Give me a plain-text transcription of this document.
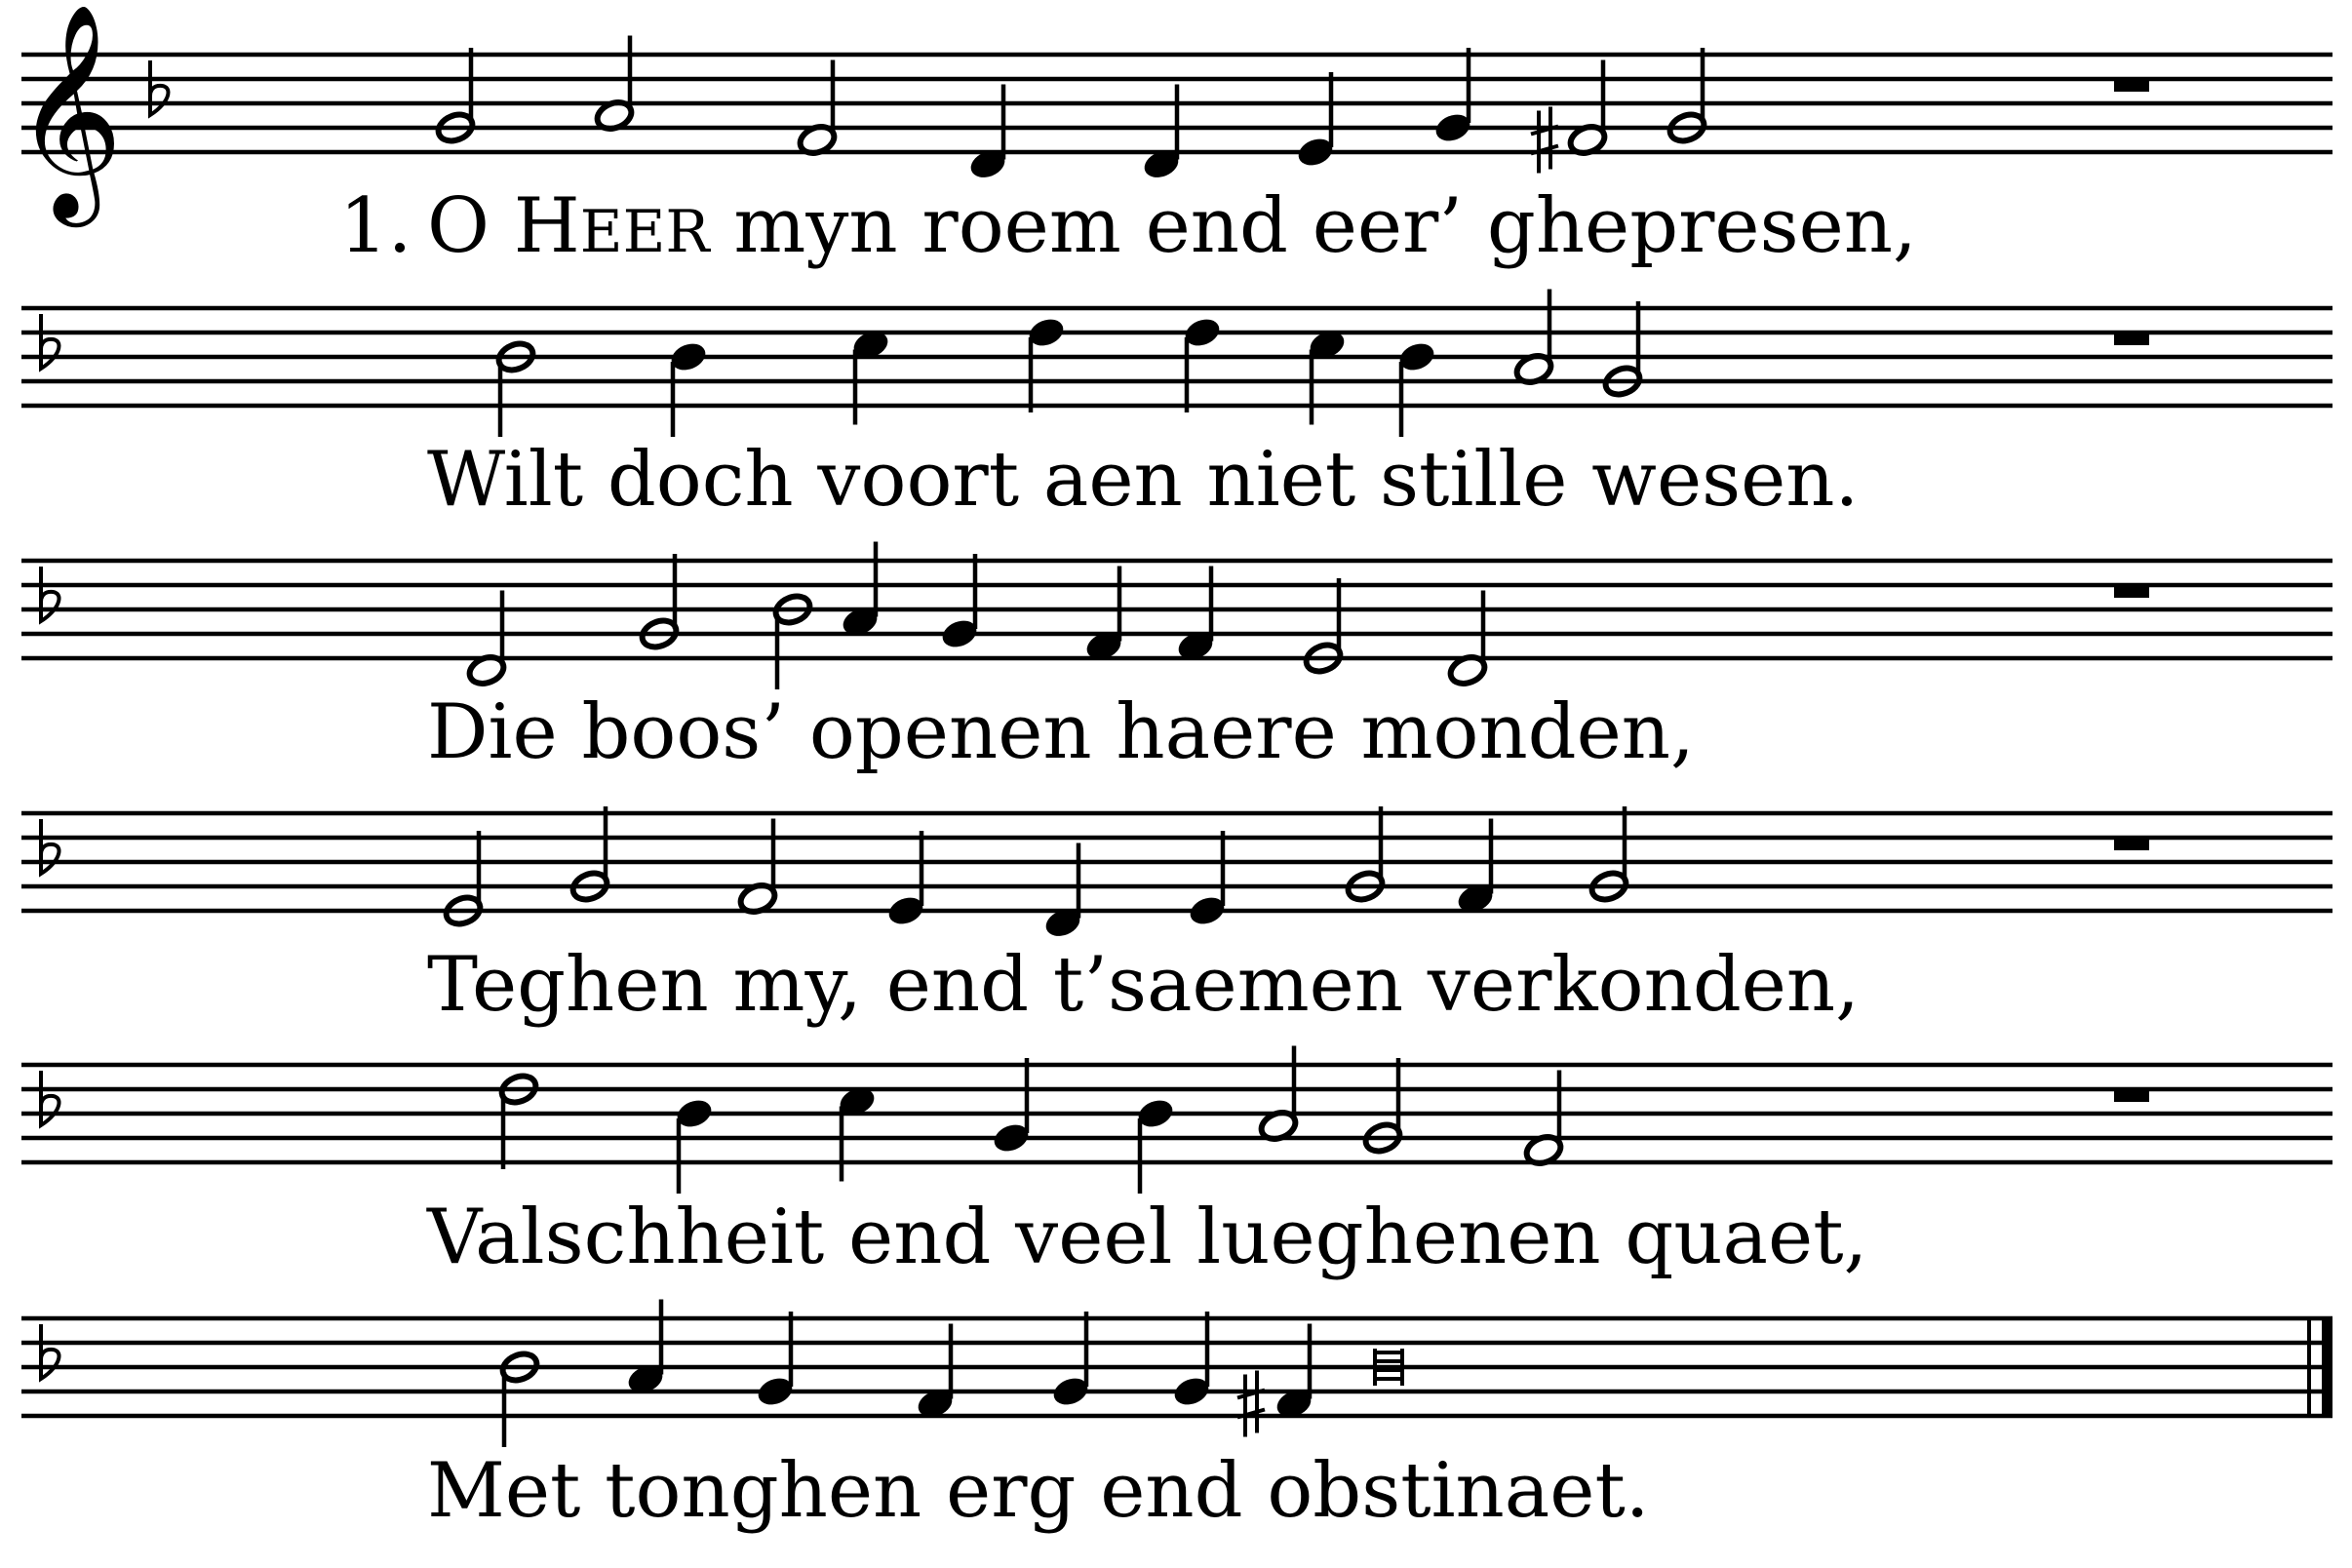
𝄞
O HEER myn roem end eer’ ghepresen,
Wilt doch voort aen niet stille wesen.
Die boos’ openen haere monden,
Teghen my, end t’saemen verkonden,
Valschheit end veel lueghenen quaet,
Met tonghen erg end obstinaet.
1.
